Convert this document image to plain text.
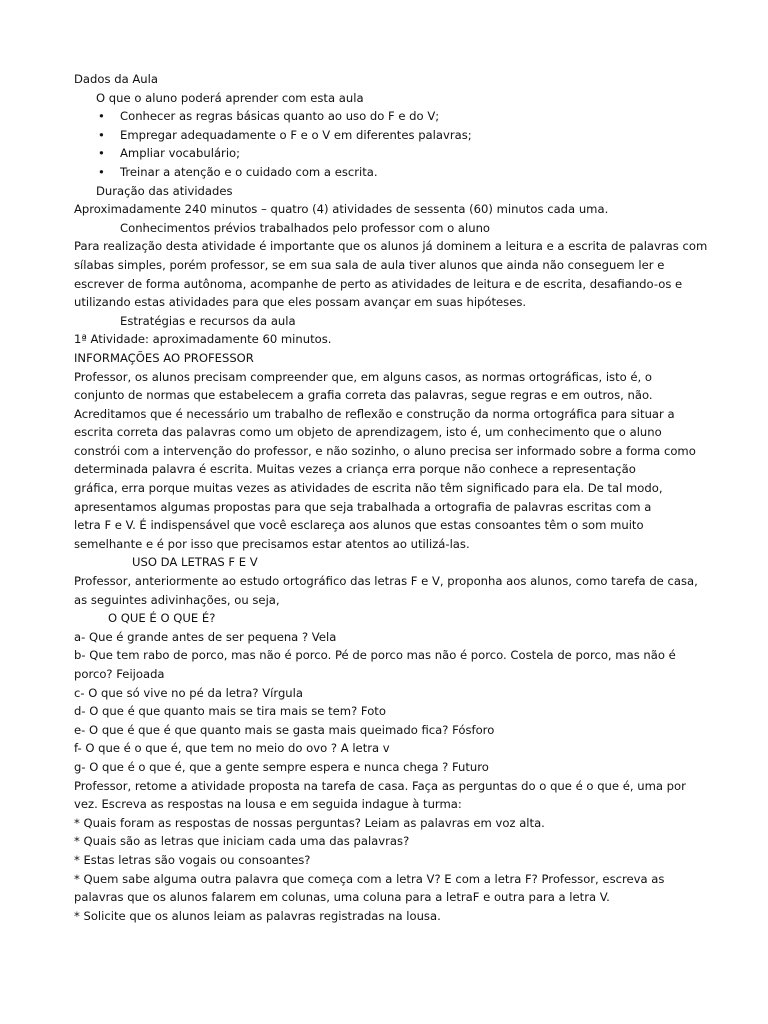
Dados da Aula
O que o aluno poderá aprender com esta aula
• Conhecer as regras básicas quanto ao uso do F e do V;
• Empregar adequadamente o F e o V em diferentes palavras;
• Ampliar vocabulário;
• Treinar a atenção e o cuidado com a escrita.
Duração das atividades
Aproximadamente 240 minutos – quatro (4) atividades de sessenta (60) minutos cada uma.
Conhecimentos prévios trabalhados pelo professor com o aluno
Para realização desta atividade é importante que os alunos já dominem a leitura e a escrita de palavras com
sílabas simples, porém professor, se em sua sala de aula tiver alunos que ainda não conseguem ler e
escrever de forma autônoma, acompanhe de perto as atividades de leitura e de escrita, desafiando-os e
utilizando estas atividades para que eles possam avançar em suas hipóteses.
Estratégias e recursos da aula
1ª Atividade: aproximadamente 60 minutos.
INFORMAÇÕES AO PROFESSOR
Professor, os alunos precisam compreender que, em alguns casos, as normas ortográficas, isto é, o
conjunto de normas que estabelecem a grafia correta das palavras, segue regras e em outros, não.
Acreditamos que é necessário um trabalho de reflexão e construção da norma ortográfica para situar a
escrita correta das palavras como um objeto de aprendizagem, isto é, um conhecimento que o aluno
constrói com a intervenção do professor, e não sozinho, o aluno precisa ser informado sobre a forma como
determinada palavra é escrita. Muitas vezes a criança erra porque não conhece a representação
gráfica, erra porque muitas vezes as atividades de escrita não têm significado para ela. De tal modo,
apresentamos algumas propostas para que seja trabalhada a ortografia de palavras escritas com a
letra F e V. É indispensável que você esclareça aos alunos que estas consoantes têm o som muito
semelhante e é por isso que precisamos estar atentos ao utilizá-las.
USO DA LETRAS F E V
Professor, anteriormente ao estudo ortográfico das letras F e V, proponha aos alunos, como tarefa de casa,
as seguintes adivinhações, ou seja,
O QUE É O QUE É?
a- Que é grande antes de ser pequena ? Vela
b- Que tem rabo de porco, mas não é porco. Pé de porco mas não é porco. Costela de porco, mas não é
porco? Feijoada
c- O que só vive no pé da letra? Vírgula
d- O que é que quanto mais se tira mais se tem? Foto
e- O que é que é que quanto mais se gasta mais queimado fica? Fósforo
f- O que é o que é, que tem no meio do ovo ? A letra v
g- O que é o que é, que a gente sempre espera e nunca chega ? Futuro
Professor, retome a atividade proposta na tarefa de casa. Faça as perguntas do o que é o que é, uma por
vez. Escreva as respostas na lousa e em seguida indague à turma:
* Quais foram as respostas de nossas perguntas? Leiam as palavras em voz alta.
* Quais são as letras que iniciam cada uma das palavras?
* Estas letras são vogais ou consoantes?
* Quem sabe alguma outra palavra que começa com a letra V? E com a letra F? Professor, escreva as
palavras que os alunos falarem em colunas, uma coluna para a letraF e outra para a letra V.
* Solicite que os alunos leiam as palavras registradas na lousa.
